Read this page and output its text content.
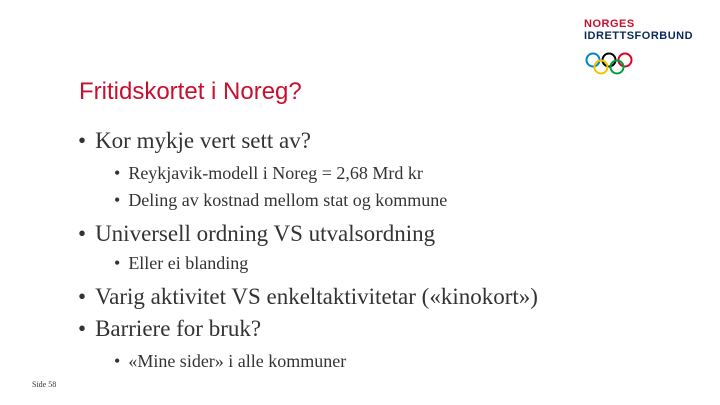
NORGES
IDRETTSFORBUND
Fritidskortet i Noreg?
• Kor mykje vert sett av?
• Reykjavik-modell i Noreg = 2,68 Mrd kr
• Deling av kostnad mellom stat og kommune
• Universell ordning VS utvalsordning
• Eller ei blanding
• Varig aktivitet VS enkeltaktivitetar («kinokort»)
• Barriere for bruk?
• «Mine sider» i alle kommuner
Side 58
